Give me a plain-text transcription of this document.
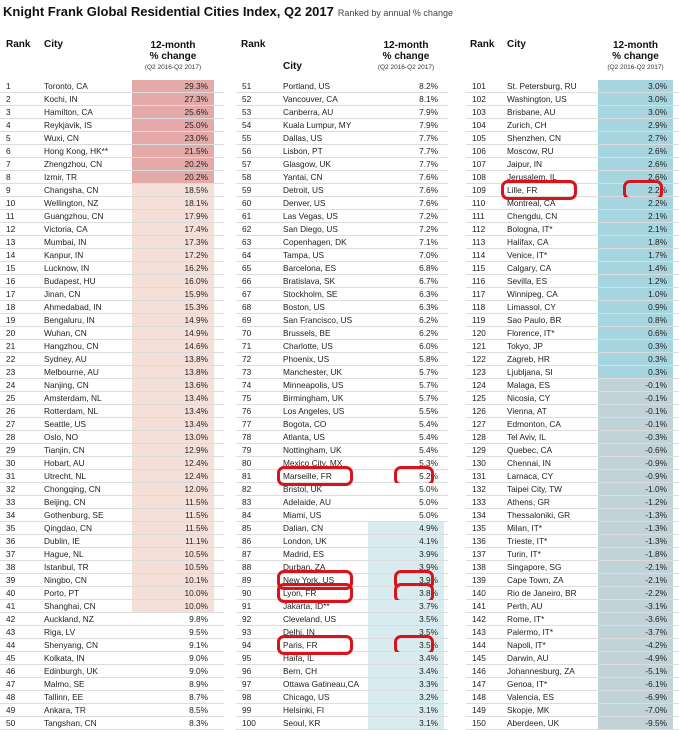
Knight Frank Global Residential Cities Index, Q2 2017 Ranked by annual % change
Rank City	12-month
% change
(Q2 2016-Q2 2017)
1	Toronto, CA	29.3%
2	Kochi, IN	27.3%
3	Hamilton, CA	25.6%
4	Reykjavik, IS	25.0%
5	Wuxi, CN	23.0%
6	Hong Kong, HK**	21.5%
7	Zhengzhou, CN	20.2%
8	Izmir, TR	20.2%
9	Changsha, CN	18.5%
10	Wellington, NZ	18.1%
11	Guangzhou, CN	17.9%
12	Victoria, CA	17.4%
13	Mumbai, IN	17.3%
14	Kanpur, IN	17.2%
15	Lucknow, IN	16.2%
16	Budapest, HU	16.0%
17	Jinan, CN	15.9%
18	Ahmedabad, IN	15.3%
19	Bengaluru, IN	14.9%
20	Wuhan, CN	14.9%
21	Hangzhou, CN	14.6%
22	Sydney, AU	13.8%
23	Melbourne, AU	13.8%
24	Nanjing, CN	13.6%
25	Amsterdam, NL	13.4%
26	Rotterdam, NL	13.4%
27	Seattle, US	13.4%
28	Oslo, NO	13.0%
29	Tianjin, CN	12.9%
30	Hobart, AU	12.4%
31	Utrecht, NL	12.4%
32	Chongqing, CN	12.0%
33	Beijing, CN	11.5%
34	Gothenburg, SE	11.5%
35	Qingdao, CN	11.5%
36	Dublin, IE	11.1%
37	Hague, NL	10.5%
38	Istanbul, TR	10.5%
39	Ningbo, CN	10.1%
40	Porto, PT	10.0%
41	Shanghai, CN	10.0%
42	Auckland, NZ	9.8%
43	Riga, LV	9.5%
44	Shenyang, CN	9.1%
45	Kolkata, IN	9.0%
46	Edinburgh, UK	9.0%
47	Malmo, SE	8.9%
48	Tallinn, EE	8.7%
49	Ankara, TR	8.5%
50	Tangshan, CN	8.3%
Rank
City
12-month
% change
(Q2 2016-Q2 2017)
51	Portland, US	8.2%
52	Vancouver, CA	8.1%
53	Canberra, AU	7.9%
54	Kuala Lumpur, MY	7.9%
55	Dallas, US	7.7%
56	Lisbon, PT	7.7%
57	Glasgow, UK	7.7%
58	Yantai, CN	7.6%
59	Detroit, US	7.6%
60	Denver, US	7.6%
61	Las Vegas, US	7.2%
62	San Diego, US	7.2%
63	Copenhagen, DK	7.1%
64	Tampa, US	7.0%
65	Barcelona, ES	6.8%
66	Bratislava, SK	6.7%
67	Stockholm, SE	6.3%
68	Boston, US	6.3%
69	San Francisco, US	6.2%
70	Brussels, BE	6.2%
71	Charlotte, US	6.0%
72	Phoenix, US	5.8%
73	Manchester, UK	5.7%
74	Minneapolis, US	5.7%
75	Birmingham, UK	5.7%
76	Los Angeles, US	5.5%
77	Bogota, CO	5.4%
78	Atlanta, US	5.4%
79	Nottingham, UK	5.4%
80	Mexico City, MX	5.3%
81	Marseille, FR	5.2%
82	Bristol, UK	5.0%
83	Adelaide, AU	5.0%
84	Miami, US	5.0%
85	Dalian, CN	4.9%
86	London, UK	4.1%
87	Madrid, ES	3.9%
88	Durban, ZA	3.9%
89	New York, US	3.9%
90	Lyon, FR	3.8%
91	Jakarta, ID**	3.7%
92	Cleveland, US	3.5%
93	Delhi, IN	3.5%
94	Paris, FR	3.5%
95	Haifa, IL	3.4%
96	Bern, CH	3.4%
97	Ottawa Gatineau,CA	3.3%
98	Chicago, US	3.2%
99	Helsinki, FI	3.1%
100	Seoul, KR	3.1%
Rank City	12-month
% change
(Q2 2016-Q2 2017)
101	St. Petersburg, RU	3.0%
102	Washington, US	3.0%
103	Brisbane, AU	3.0%
104	Zurich, CH	2.9%
105	Shenzhen, CN	2.7%
106	Moscow, RU	2.6%
107	Jaipur, IN	2.6%
108	Jerusalem, IL	2.6%
109	Lille, FR	2.2%
110	Montreal, CA	2.2%
111	Chengdu, CN	2.1%
112	Bologna, IT*	2.1%
113	Halifax, CA	1.8%
114	Venice, IT*	1.7%
115	Calgary, CA	1.4%
116	Sevilla, ES	1.2%
117	Winnipeg, CA	1.0%
118	Limassol, CY	0.9%
119	Sao Paulo, BR	0.8%
120	Florence, IT*	0.6%
121	Tokyo, JP	0.3%
122	Zagreb, HR	0.3%
123	Ljubljana, SI	0.3%
124	Malaga, ES	-0.1%
125	Nicosia, CY	-0.1%
126	Vienna, AT	-0.1%
127	Edmonton, CA	-0.1%
128	Tel Aviv, IL	-0.3%
129	Quebec, CA	-0.6%
130	Chennai, IN	-0.9%
131	Larnaca, CY	-0.9%
132	Taipei City, TW	-1.0%
133	Athens, GR	-1.2%
134	Thessaloniki, GR	-1.3%
135	Milan, IT*	-1.3%
136	Trieste, IT*	-1.3%
137	Turin, IT*	-1.8%
138	Singapore, SG	-2.1%
139	Cape Town, ZA	-2.1%
140	Rio de Janeiro, BR	-2.2%
141	Perth, AU	-3.1%
142	Rome, IT*	-3.6%
143	Palermo, IT*	-3.7%
144	Napoli, IT*	-4.2%
145	Darwin, AU	-4.9%
146	Johannesburg, ZA	-5.1%
147	Genoa, IT*	-6.1%
148	Valencia, ES	-6.9%
149	Skopje, MK	-7.0%
150	Aberdeen, UK	-9.5%
